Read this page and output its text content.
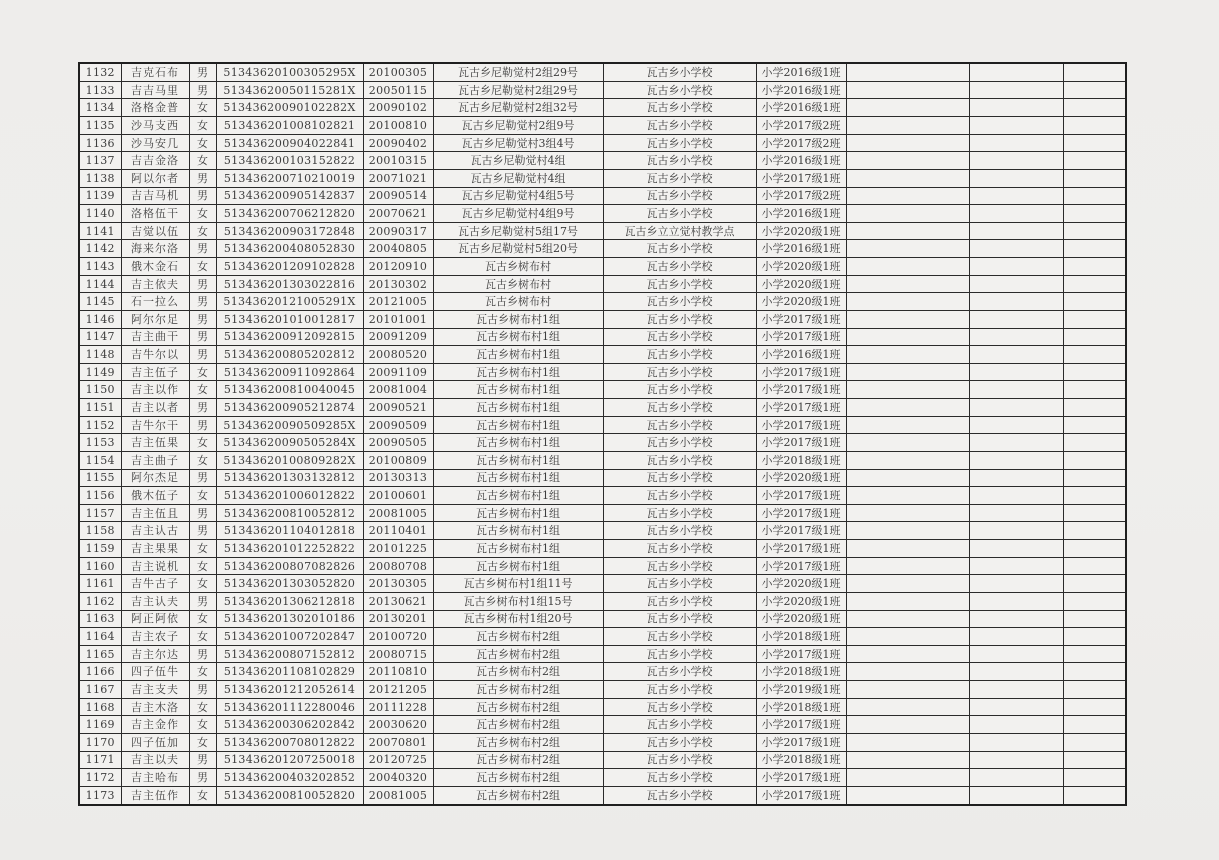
1132	吉克石布	男	51343620100305295X	20100305	瓦古乡尼勒觉村2组29号	瓦古乡小学校	小学2016级1班			
1133	吉吉马里	男	51343620050115281X	20050115	瓦古乡尼勒觉村2组29号	瓦古乡小学校	小学2016级1班			
1134	洛格金普	女	51343620090102282X	20090102	瓦古乡尼勒觉村2组32号	瓦古乡小学校	小学2016级1班			
1135	沙马支西	女	513436201008102821	20100810	瓦古乡尼勒觉村2组9号	瓦古乡小学校	小学2017级2班			
1136	沙马安几	女	513436200904022841	20090402	瓦古乡尼勒觉村3组4号	瓦古乡小学校	小学2017级2班			
1137	吉吉金洛	女	513436200103152822	20010315	瓦古乡尼勒觉村4组	瓦古乡小学校	小学2016级1班			
1138	阿以尔者	男	513436200710210019	20071021	瓦古乡尼勒觉村4组	瓦古乡小学校	小学2017级1班			
1139	吉吉马机	男	513436200905142837	20090514	瓦古乡尼勒觉村4组5号	瓦古乡小学校	小学2017级2班			
1140	洛格伍干	女	513436200706212820	20070621	瓦古乡尼勒觉村4组9号	瓦古乡小学校	小学2016级1班			
1141	吉觉以伍	女	513436200903172848	20090317	瓦古乡尼勒觉村5组17号	瓦古乡立立觉村教学点	小学2020级1班			
1142	海来尔洛	男	513436200408052830	20040805	瓦古乡尼勒觉村5组20号	瓦古乡小学校	小学2016级1班			
1143	俄木金石	女	513436201209102828	20120910	瓦古乡树布村	瓦古乡小学校	小学2020级1班			
1144	吉主依夫	男	513436201303022816	20130302	瓦古乡树布村	瓦古乡小学校	小学2020级1班			
1145	石一拉么	男	51343620121005291X	20121005	瓦古乡树布村	瓦古乡小学校	小学2020级1班			
1146	阿尔尔足	男	513436201010012817	20101001	瓦古乡树布村1组	瓦古乡小学校	小学2017级1班			
1147	吉主曲干	男	513436200912092815	20091209	瓦古乡树布村1组	瓦古乡小学校	小学2017级1班			
1148	吉牛尔以	男	513436200805202812	20080520	瓦古乡树布村1组	瓦古乡小学校	小学2016级1班			
1149	吉主伍子	女	513436200911092864	20091109	瓦古乡树布村1组	瓦古乡小学校	小学2017级1班			
1150	吉主以作	女	513436200810040045	20081004	瓦古乡树布村1组	瓦古乡小学校	小学2017级1班			
1151	吉主以者	男	513436200905212874	20090521	瓦古乡树布村1组	瓦古乡小学校	小学2017级1班			
1152	吉牛尔干	男	51343620090509285X	20090509	瓦古乡树布村1组	瓦古乡小学校	小学2017级1班			
1153	吉主伍果	女	51343620090505284X	20090505	瓦古乡树布村1组	瓦古乡小学校	小学2017级1班			
1154	吉主曲子	女	51343620100809282X	20100809	瓦古乡树布村1组	瓦古乡小学校	小学2018级1班			
1155	阿尔杰足	男	513436201303132812	20130313	瓦古乡树布村1组	瓦古乡小学校	小学2020级1班			
1156	俄木伍子	女	513436201006012822	20100601	瓦古乡树布村1组	瓦古乡小学校	小学2017级1班			
1157	吉主伍且	男	513436200810052812	20081005	瓦古乡树布村1组	瓦古乡小学校	小学2017级1班			
1158	吉主认古	男	513436201104012818	20110401	瓦古乡树布村1组	瓦古乡小学校	小学2017级1班			
1159	吉主果果	女	513436201012252822	20101225	瓦古乡树布村1组	瓦古乡小学校	小学2017级1班			
1160	吉主说机	女	513436200807082826	20080708	瓦古乡树布村1组	瓦古乡小学校	小学2017级1班			
1161	吉牛古子	女	513436201303052820	20130305	瓦古乡树布村1组11号	瓦古乡小学校	小学2020级1班			
1162	吉主认夫	男	513436201306212818	20130621	瓦古乡树布村1组15号	瓦古乡小学校	小学2020级1班			
1163	阿正阿依	女	513436201302010186	20130201	瓦古乡树布村1组20号	瓦古乡小学校	小学2020级1班			
1164	吉主农子	女	513436201007202847	20100720	瓦古乡树布村2组	瓦古乡小学校	小学2018级1班			
1165	吉主尔达	男	513436200807152812	20080715	瓦古乡树布村2组	瓦古乡小学校	小学2017级1班			
1166	四子伍牛	女	513436201108102829	20110810	瓦古乡树布村2组	瓦古乡小学校	小学2018级1班			
1167	吉主支夫	男	513436201212052614	20121205	瓦古乡树布村2组	瓦古乡小学校	小学2019级1班			
1168	吉主木洛	女	513436201112280046	20111228	瓦古乡树布村2组	瓦古乡小学校	小学2018级1班			
1169	吉主金作	女	513436200306202842	20030620	瓦古乡树布村2组	瓦古乡小学校	小学2017级1班			
1170	四子伍加	女	513436200708012822	20070801	瓦古乡树布村2组	瓦古乡小学校	小学2017级1班			
1171	吉主以夫	男	513436201207250018	20120725	瓦古乡树布村2组	瓦古乡小学校	小学2018级1班			
1172	吉主哈布	男	513436200403202852	20040320	瓦古乡树布村2组	瓦古乡小学校	小学2017级1班			
1173	吉主伍作	女	513436200810052820	20081005	瓦古乡树布村2组	瓦古乡小学校	小学2017级1班			
